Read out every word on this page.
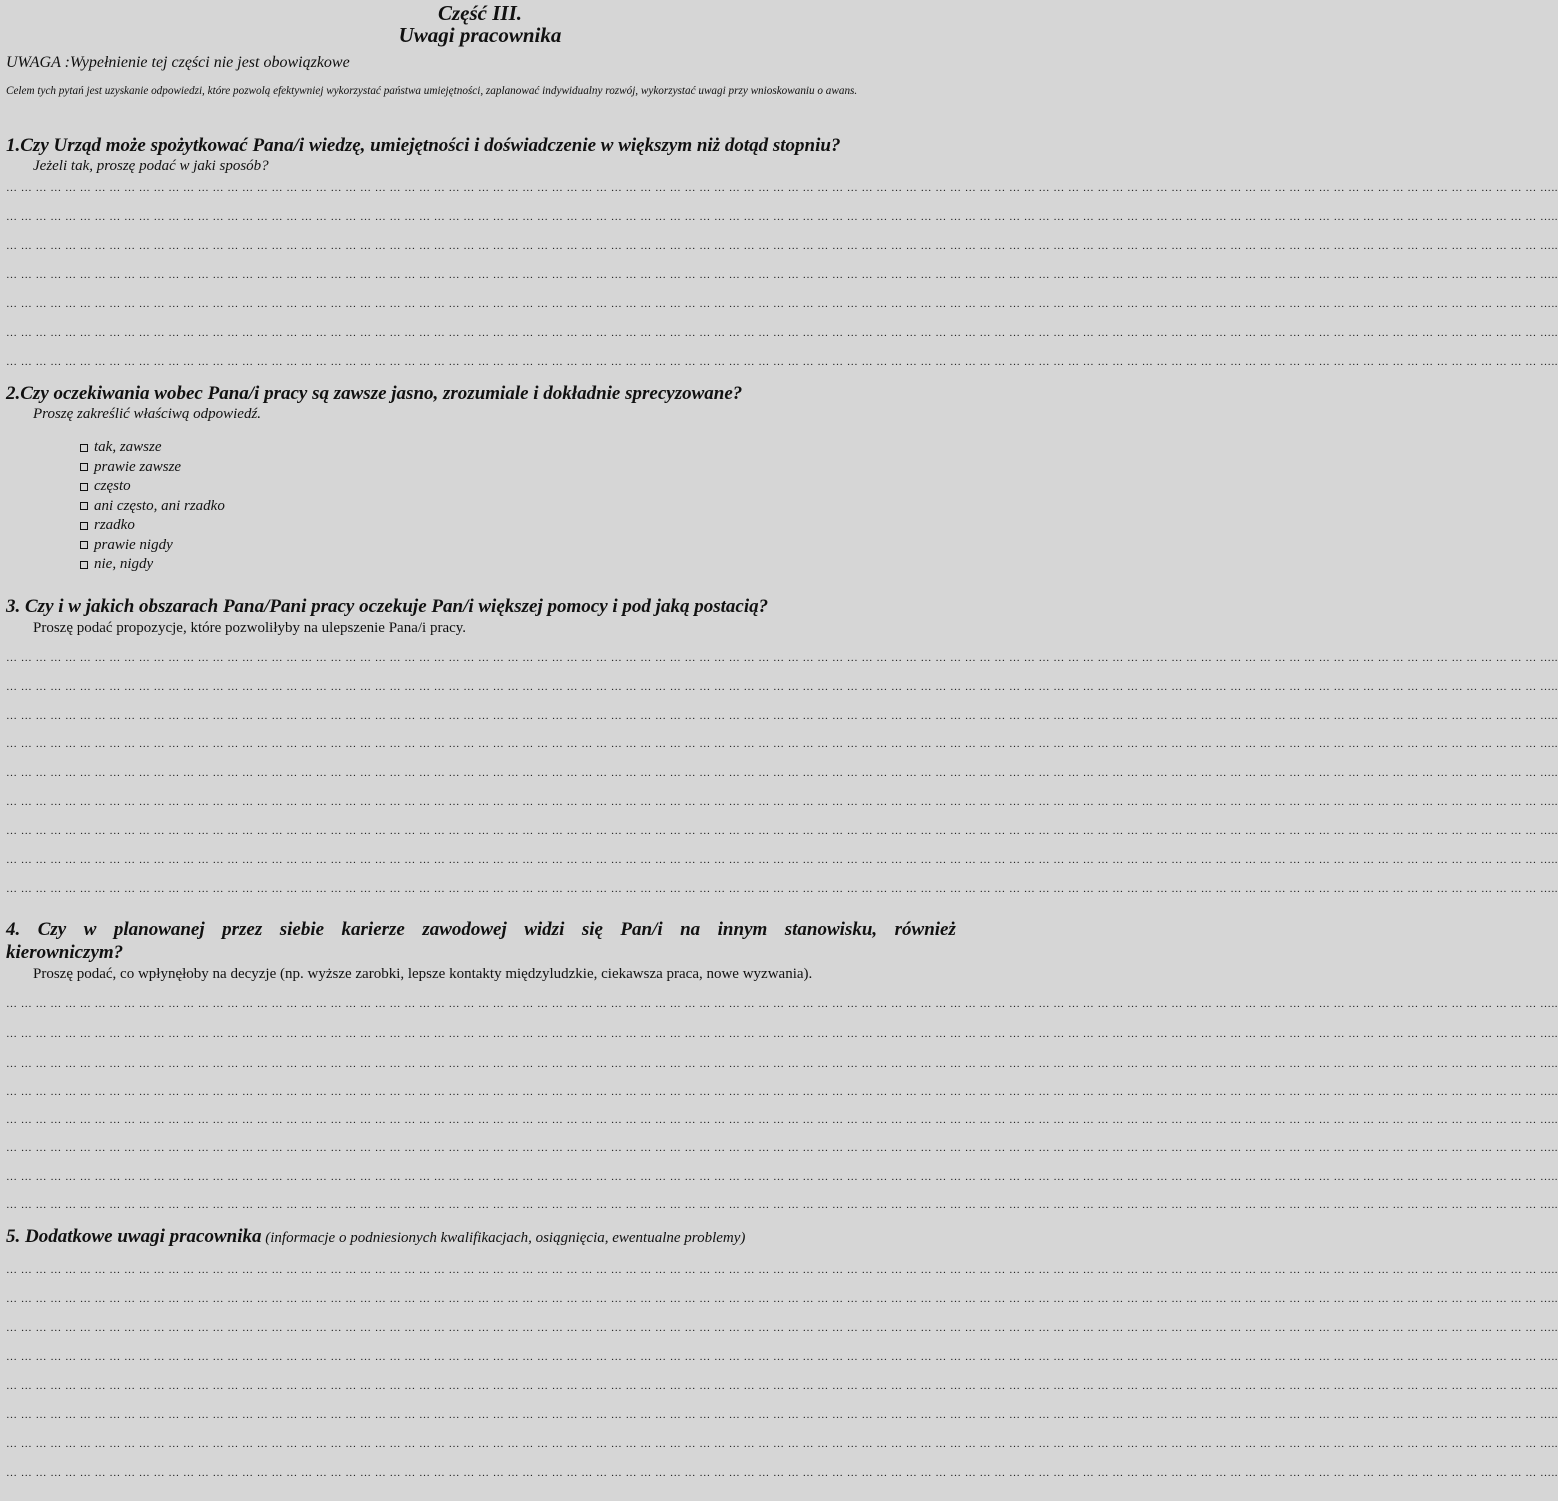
Część III.
Uwagi pracownika
UWAGA :Wypełnienie tej części nie jest obowiązkowe
Celem tych pytań jest uzyskanie odpowiedzi, które pozwolą efektywniej wykorzystać państwa umiejętności, zaplanować indywidualny rozwój, wykorzystać uwagi przy wnioskowaniu o awans.
1.Czy Urząd może spożytkować Pana/i wiedzę, umiejętności i doświadczenie w większym niż dotąd stopniu?
Jeżeli tak, proszę podać w jaki sposób?
2.Czy oczekiwania wobec Pana/i pracy są zawsze jasno, zrozumiale i dokładnie sprecyzowane?
Proszę zakreślić właściwą odpowiedź.
tak, zawsze
prawie zawsze
często
ani często, ani rzadko
rzadko
prawie nigdy
nie, nigdy
3. Czy i w jakich obszarach Pana/Pani pracy oczekuje Pan/i większej pomocy i pod jaką postacią?
Proszę podać propozycje, które pozwoliłyby na ulepszenie Pana/i pracy.
4. Czy w planowanej przez siebie karierze zawodowej widzi się Pan/i na innym stanowisku, również
kierowniczym?
Proszę podać, co wpłynęłoby na decyzje (np. wyższe zarobki, lepsze kontakty międzyludzkie, ciekawsza praca, nowe wyzwania).
5. Dodatkowe uwagi pracownika (informacje o podniesionych kwalifikacjach, osiągnięcia, ewentualne problemy)
… … … … … … … … … … … … … … … … … … … … … … … … … … … … … … … … … … … … … … … … … … … … … … … … … … … … … … … … … … … … … … … … … … … … … … … … … … … … … … … … … … … … … … … … … … … … … … … … … … … … … … … … …..
… … … … … … … … … … … … … … … … … … … … … … … … … … … … … … … … … … … … … … … … … … … … … … … … … … … … … … … … … … … … … … … … … … … … … … … … … … … … … … … … … … … … … … … … … … … … … … … … … … … … … … … … …..
… … … … … … … … … … … … … … … … … … … … … … … … … … … … … … … … … … … … … … … … … … … … … … … … … … … … … … … … … … … … … … … … … … … … … … … … … … … … … … … … … … … … … … … … … … … … … … … … … … … … … … … … …..
… … … … … … … … … … … … … … … … … … … … … … … … … … … … … … … … … … … … … … … … … … … … … … … … … … … … … … … … … … … … … … … … … … … … … … … … … … … … … … … … … … … … … … … … … … … … … … … … … … … … … … … … …..
… … … … … … … … … … … … … … … … … … … … … … … … … … … … … … … … … … … … … … … … … … … … … … … … … … … … … … … … … … … … … … … … … … … … … … … … … … … … … … … … … … … … … … … … … … … … … … … … … … … … … … … … …..
… … … … … … … … … … … … … … … … … … … … … … … … … … … … … … … … … … … … … … … … … … … … … … … … … … … … … … … … … … … … … … … … … … … … … … … … … … … … … … … … … … … … … … … … … … … … … … … … … … … … … … … … …..
… … … … … … … … … … … … … … … … … … … … … … … … … … … … … … … … … … … … … … … … … … … … … … … … … … … … … … … … … … … … … … … … … … … … … … … … … … … … … … … … … … … … … … … … … … … … … … … … … … … … … … … … …..
… … … … … … … … … … … … … … … … … … … … … … … … … … … … … … … … … … … … … … … … … … … … … … … … … … … … … … … … … … … … … … … … … … … … … … … … … … … … … … … … … … … … … … … … … … … … … … … … … … … … … … … … …..
… … … … … … … … … … … … … … … … … … … … … … … … … … … … … … … … … … … … … … … … … … … … … … … … … … … … … … … … … … … … … … … … … … … … … … … … … … … … … … … … … … … … … … … … … … … … … … … … … … … … … … … … …..
… … … … … … … … … … … … … … … … … … … … … … … … … … … … … … … … … … … … … … … … … … … … … … … … … … … … … … … … … … … … … … … … … … … … … … … … … … … … … … … … … … … … … … … … … … … … … … … … … … … … … … … … …..
… … … … … … … … … … … … … … … … … … … … … … … … … … … … … … … … … … … … … … … … … … … … … … … … … … … … … … … … … … … … … … … … … … … … … … … … … … … … … … … … … … … … … … … … … … … … … … … … … … … … … … … … …..
… … … … … … … … … … … … … … … … … … … … … … … … … … … … … … … … … … … … … … … … … … … … … … … … … … … … … … … … … … … … … … … … … … … … … … … … … … … … … … … … … … … … … … … … … … … … … … … … … … … … … … … … …..
… … … … … … … … … … … … … … … … … … … … … … … … … … … … … … … … … … … … … … … … … … … … … … … … … … … … … … … … … … … … … … … … … … … … … … … … … … … … … … … … … … … … … … … … … … … … … … … … … … … … … … … … …..
… … … … … … … … … … … … … … … … … … … … … … … … … … … … … … … … … … … … … … … … … … … … … … … … … … … … … … … … … … … … … … … … … … … … … … … … … … … … … … … … … … … … … … … … … … … … … … … … … … … … … … … … …..
… … … … … … … … … … … … … … … … … … … … … … … … … … … … … … … … … … … … … … … … … … … … … … … … … … … … … … … … … … … … … … … … … … … … … … … … … … … … … … … … … … … … … … … … … … … … … … … … … … … … … … … … …..
… … … … … … … … … … … … … … … … … … … … … … … … … … … … … … … … … … … … … … … … … … … … … … … … … … … … … … … … … … … … … … … … … … … … … … … … … … … … … … … … … … … … … … … … … … … … … … … … … … … … … … … … …..
… … … … … … … … … … … … … … … … … … … … … … … … … … … … … … … … … … … … … … … … … … … … … … … … … … … … … … … … … … … … … … … … … … … … … … … … … … … … … … … … … … … … … … … … … … … … … … … … … … … … … … … … …..
… … … … … … … … … … … … … … … … … … … … … … … … … … … … … … … … … … … … … … … … … … … … … … … … … … … … … … … … … … … … … … … … … … … … … … … … … … … … … … … … … … … … … … … … … … … … … … … … … … … … … … … … …..
… … … … … … … … … … … … … … … … … … … … … … … … … … … … … … … … … … … … … … … … … … … … … … … … … … … … … … … … … … … … … … … … … … … … … … … … … … … … … … … … … … … … … … … … … … … … … … … … … … … … … … … … …..
… … … … … … … … … … … … … … … … … … … … … … … … … … … … … … … … … … … … … … … … … … … … … … … … … … … … … … … … … … … … … … … … … … … … … … … … … … … … … … … … … … … … … … … … … … … … … … … … … … … … … … … … …..
… … … … … … … … … … … … … … … … … … … … … … … … … … … … … … … … … … … … … … … … … … … … … … … … … … … … … … … … … … … … … … … … … … … … … … … … … … … … … … … … … … … … … … … … … … … … … … … … … … … … … … … … …..
… … … … … … … … … … … … … … … … … … … … … … … … … … … … … … … … … … … … … … … … … … … … … … … … … … … … … … … … … … … … … … … … … … … … … … … … … … … … … … … … … … … … … … … … … … … … … … … … … … … … … … … … …..
… … … … … … … … … … … … … … … … … … … … … … … … … … … … … … … … … … … … … … … … … … … … … … … … … … … … … … … … … … … … … … … … … … … … … … … … … … … … … … … … … … … … … … … … … … … … … … … … … … … … … … … … …..
… … … … … … … … … … … … … … … … … … … … … … … … … … … … … … … … … … … … … … … … … … … … … … … … … … … … … … … … … … … … … … … … … … … … … … … … … … … … … … … … … … … … … … … … … … … … … … … … … … … … … … … … …..
… … … … … … … … … … … … … … … … … … … … … … … … … … … … … … … … … … … … … … … … … … … … … … … … … … … … … … … … … … … … … … … … … … … … … … … … … … … … … … … … … … … … … … … … … … … … … … … … … … … … … … … … …..
… … … … … … … … … … … … … … … … … … … … … … … … … … … … … … … … … … … … … … … … … … … … … … … … … … … … … … … … … … … … … … … … … … … … … … … … … … … … … … … … … … … … … … … … … … … … … … … … … … … … … … … … …..
… … … … … … … … … … … … … … … … … … … … … … … … … … … … … … … … … … … … … … … … … … … … … … … … … … … … … … … … … … … … … … … … … … … … … … … … … … … … … … … … … … … … … … … … … … … … … … … … … … … … … … … … …..
… … … … … … … … … … … … … … … … … … … … … … … … … … … … … … … … … … … … … … … … … … … … … … … … … … … … … … … … … … … … … … … … … … … … … … … … … … … … … … … … … … … … … … … … … … … … … … … … … … … … … … … … …..
… … … … … … … … … … … … … … … … … … … … … … … … … … … … … … … … … … … … … … … … … … … … … … … … … … … … … … … … … … … … … … … … … … … … … … … … … … … … … … … … … … … … … … … … … … … … … … … … … … … … … … … … …..
… … … … … … … … … … … … … … … … … … … … … … … … … … … … … … … … … … … … … … … … … … … … … … … … … … … … … … … … … … … … … … … … … … … … … … … … … … … … … … … … … … … … … … … … … … … … … … … … … … … … … … … … …..
… … … … … … … … … … … … … … … … … … … … … … … … … … … … … … … … … … … … … … … … … … … … … … … … … … … … … … … … … … … … … … … … … … … … … … … … … … … … … … … … … … … … … … … … … … … … … … … … … … … … … … … … …..
… … … … … … … … … … … … … … … … … … … … … … … … … … … … … … … … … … … … … … … … … … … … … … … … … … … … … … … … … … … … … … … … … … … … … … … … … … … … … … … … … … … … … … … … … … … … … … … … … … … … … … … … …..
